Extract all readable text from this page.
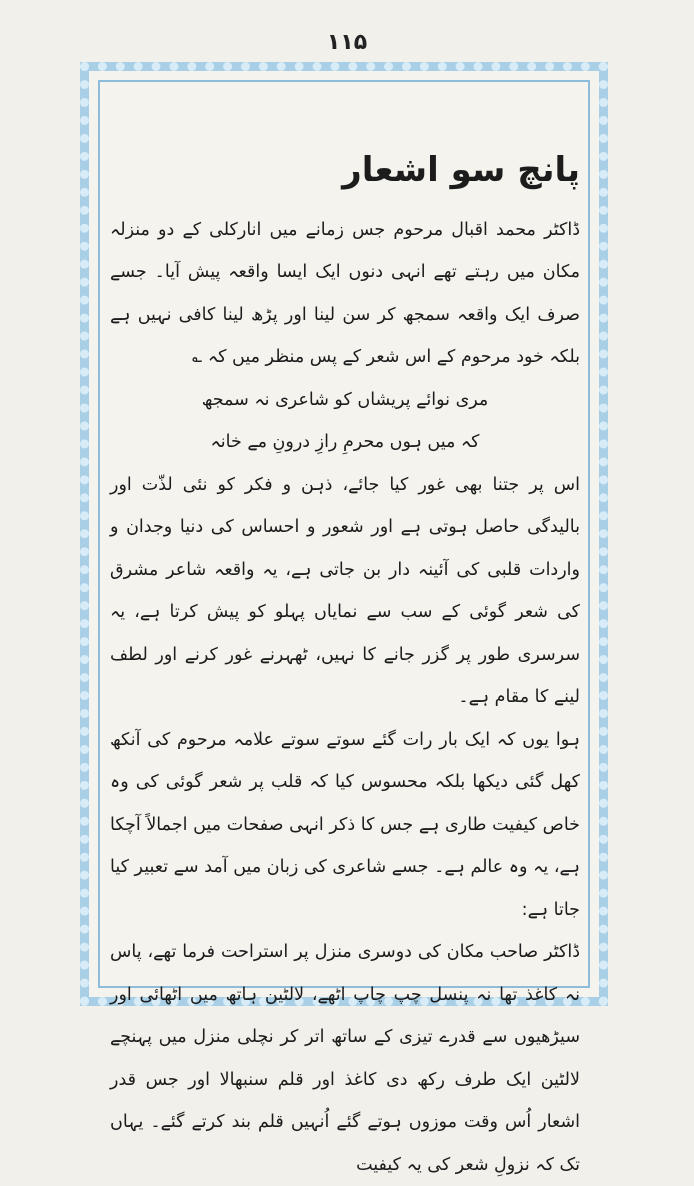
۱۱۵
پانچ سو اشعار

ڈاکٹر محمد اقبال مرحوم جس زمانے میں انارکلی کے دو منزلہ مکان میں رہتے تھے انہی دنوں ایک ایسا واقعہ پیش آیا۔ جسے صرف ایک واقعہ سمجھ کر سن لینا اور پڑھ لینا کافی نہیں ہے بلکہ خود مرحوم کے اس شعر کے پس منظر میں کہ ؎

مری نوائے پریشاں کو شاعری نہ سمجھ

کہ میں ہوں محرمِ رازِ درونِ مے خانہ

اس پر جتنا بھی غور کیا جائے، ذہن و فکر کو نئی لذّت اور بالیدگی حاصل ہوتی ہے اور شعور و احساس کی دنیا وجدان و واردات قلبی کی آئینہ دار بن جاتی ہے، یہ واقعہ شاعر مشرق کی شعر گوئی کے سب سے نمایاں پہلو کو پیش کرتا ہے، یہ سرسری طور پر گزر جانے کا نہیں، ٹھہرنے غور کرنے اور لطف لینے کا مقام ہے۔

ہوا یوں کہ ایک بار رات گئے سوتے سوتے علامہ مرحوم کی آنکھ کھل گئی دیکھا بلکہ محسوس کیا کہ قلب پر شعر گوئی کی وہ خاص کیفیت طاری ہے جس کا ذکر انہی صفحات میں اجمالاً آچکا ہے، یہ وہ عالم ہے۔ جسے شاعری کی زبان میں آمد سے تعبیر کیا جاتا ہے:

ڈاکٹر صاحب مکان کی دوسری منزل پر استراحت فرما تھے، پاس نہ کاغذ تھا نہ پنسل چپ چاپ اٹھے، لالٹین ہاتھ میں اٹھائی اور سیڑھیوں سے قدرے تیزی کے ساتھ اتر کر نچلی منزل میں پہنچے لالٹین ایک طرف رکھ دی کاغذ اور قلم سنبھالا اور جس قدر اشعار اُس وقت موزوں ہوتے گئے اُنہیں قلم بند کرتے گئے۔ یہاں تک کہ نزولِ شعر کی یہ کیفیت
